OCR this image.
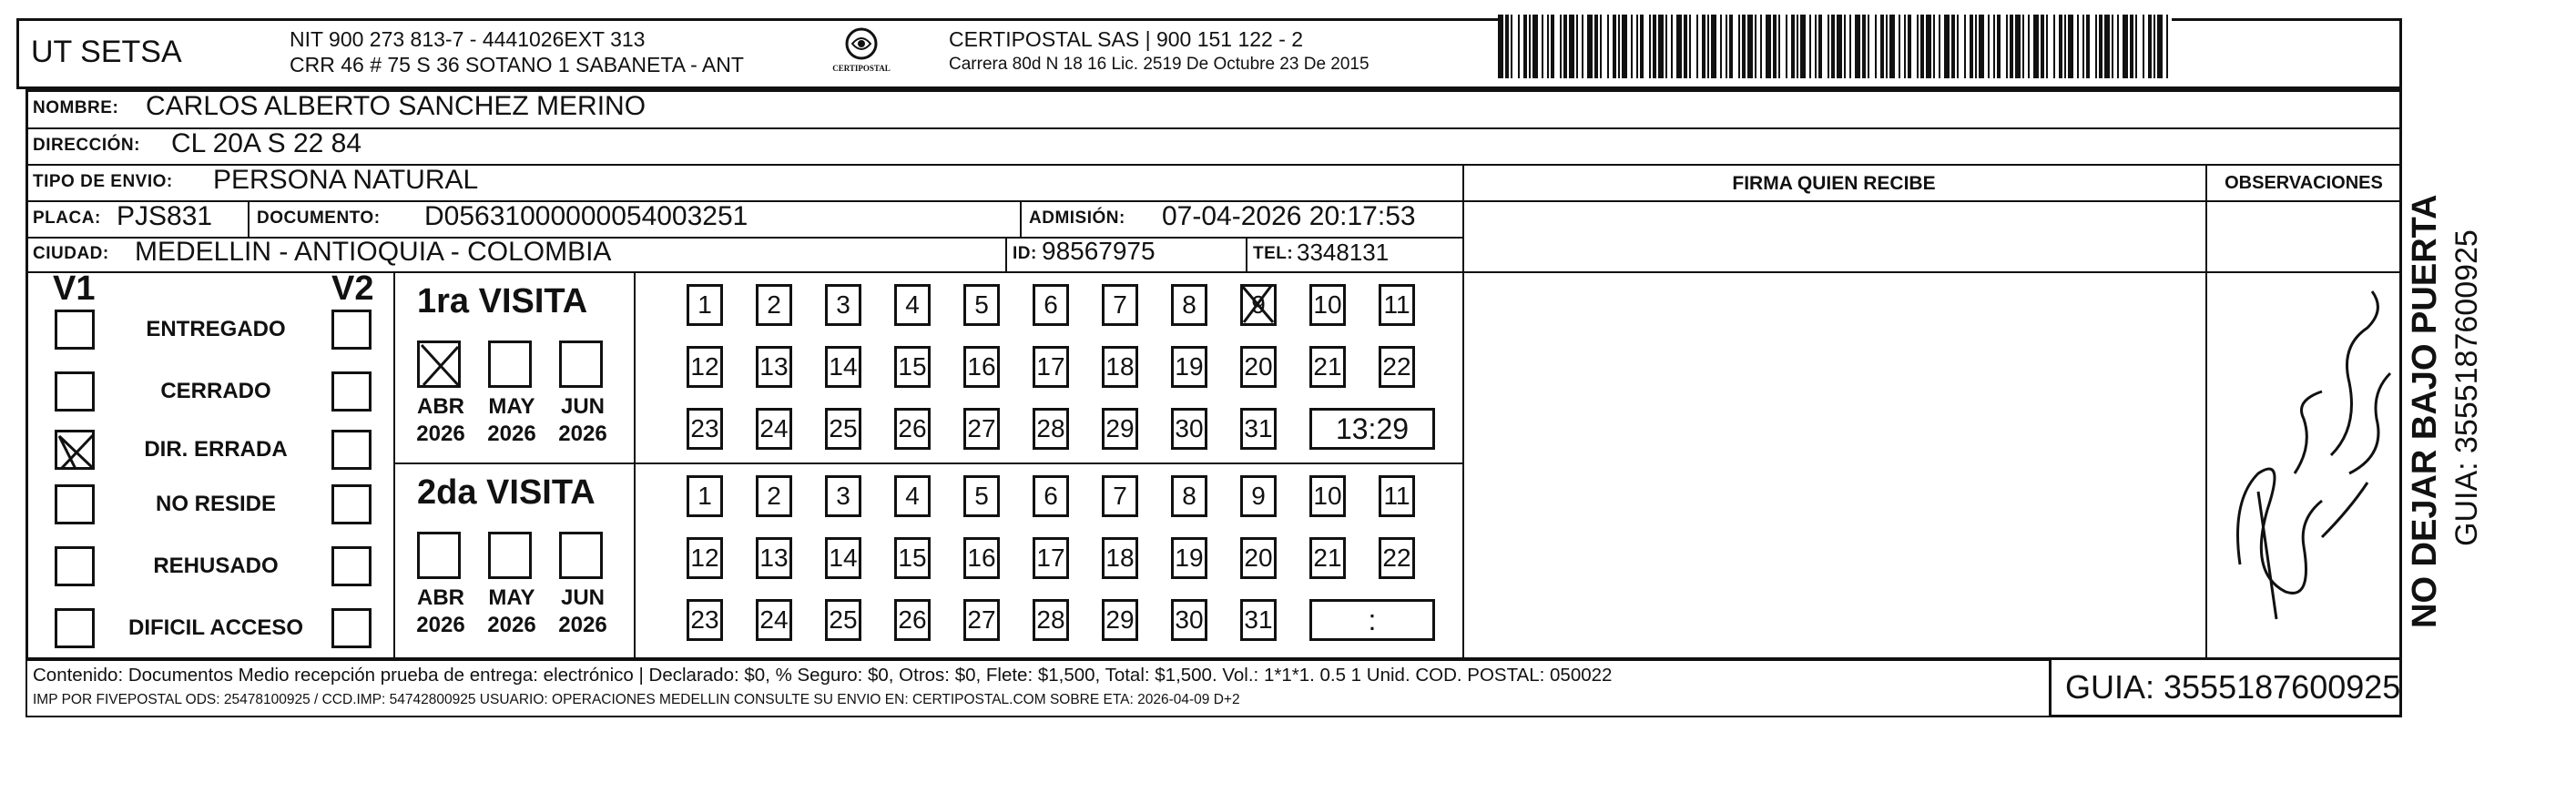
UT SETSA	NIT 900 273 813-7 - 4441026EXT 313
CRR 46 # 75 S 36 SOTANO 1 SABANETA - ANT	CERTIPOSTAL
CERTIPOSTAL SAS | 900 151 122 - 2
Carrera 80d N 18 16 Lic. 2519 De Octubre 23 De 2015
NOMBRE: CARLOS ALBERTO SANCHEZ MERINO
DIRECCIÓN: CL 20A S 22 84
TIPO DE ENVIO: PERSONA NATURAL	FIRMA QUIEN RECIBE	OBSERVACIONES
PLACA: PJS831	DOCUMENTO: D05631000000054003251	ADMISIÓN: 07-04-2026 20:17:53
CIUDAD: MEDELLIN - ANTIOQUIA - COLOMBIA	ID: 98567975	TEL: 3348131
V1	V2
ENTREGADO
CERRADO
DIR. ERRADA
NO RESIDE
REHUSADO
DIFICIL ACCESO
1ra VISITA
ABR
2026
MAY
2026
JUN
2026
1	2	3	4	5	6	7	8	9	10 11
12 13 14 15 16 17 18 19 20 21 22
23 24 25 26 27 28 29 30 31	13:29
2da VISITA
ABR
2026
MAY
2026
JUN
2026
1	2	3	4	5	6	7	8	9	10 11
12 13 14 15 16 17 18 19 20 21 22
23 24 25 26 27 28 29 30 31	:
Contenido: Documentos Medio recepción prueba de entrega: electrónico | Declarado: $0, % Seguro: $0, Otros: $0, Flete: $1,500, Total: $1,500. Vol.: 1*1*1. 0.5 1 Unid. COD. POSTAL: 050022
IMP POR FIVEPOSTAL ODS: 25478100925 / CCD.IMP: 54742800925 USUARIO: OPERACIONES MEDELLIN CONSULTE SU ENVIO EN: CERTIPOSTAL.COM SOBRE ETA: 2026-04-09 D+2	GUIA: 3555187600925
NO DEJAR BAJO PUERTA GUIA: 3555187600925
